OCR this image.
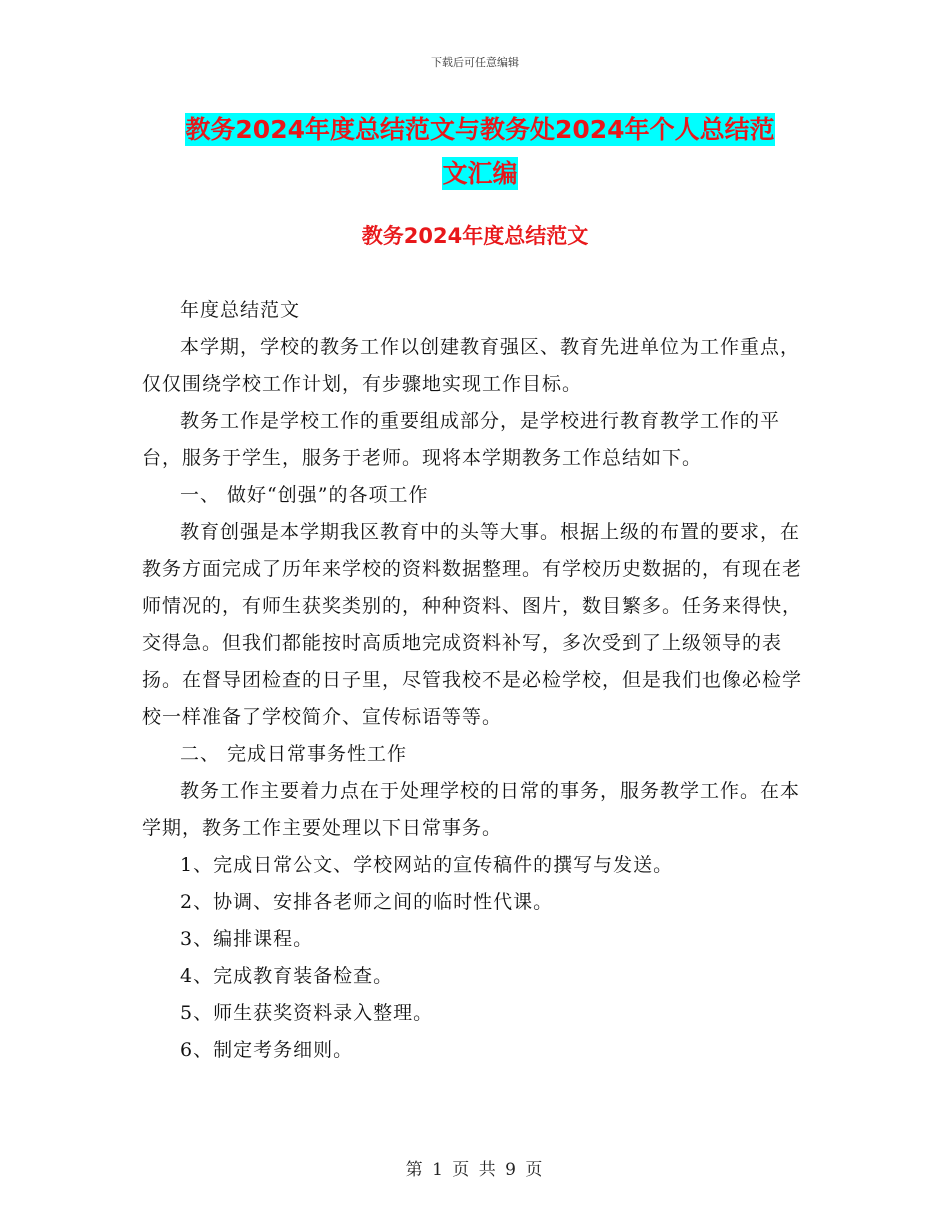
下载后可任意编辑
教务2024年度总结范文与教务处2024年个人总结范
文汇编
教务2024年度总结范文

年度总结范文

本学期，学校的教务工作以创建教育强区、教育先进单位为工作重点，仅仅围绕学校工作计划，有步骤地实现工作目标。

教务工作是学校工作的重要组成部分，是学校进行教育教学工作的平台，服务于学生，服务于老师。现将本学期教务工作总结如下。

一、 做好“创强”的各项工作

教育创强是本学期我区教育中的头等大事。根据上级的布置的要求，在教务方面完成了历年来学校的资料数据整理。有学校历史数据的，有现在老师情况的，有师生获奖类别的，种种资料、图片，数目繁多。任务来得快，交得急。但我们都能按时高质地完成资料补写，多次受到了上级领导的表扬。在督导团检查的日子里，尽管我校不是必检学校，但是我们也像必检学校一样准备了学校简介、宣传标语等等。

二、 完成日常事务性工作

教务工作主要着力点在于处理学校的日常的事务，服务教学工作。在本学期，教务工作主要处理以下日常事务。

1、完成日常公文、学校网站的宣传稿件的撰写与发送。

2、协调、安排各老师之间的临时性代课。

3、编排课程。

4、完成教育装备检查。

5、师生获奖资料录入整理。

6、制定考务细则。

第 1 页 共 9 页
